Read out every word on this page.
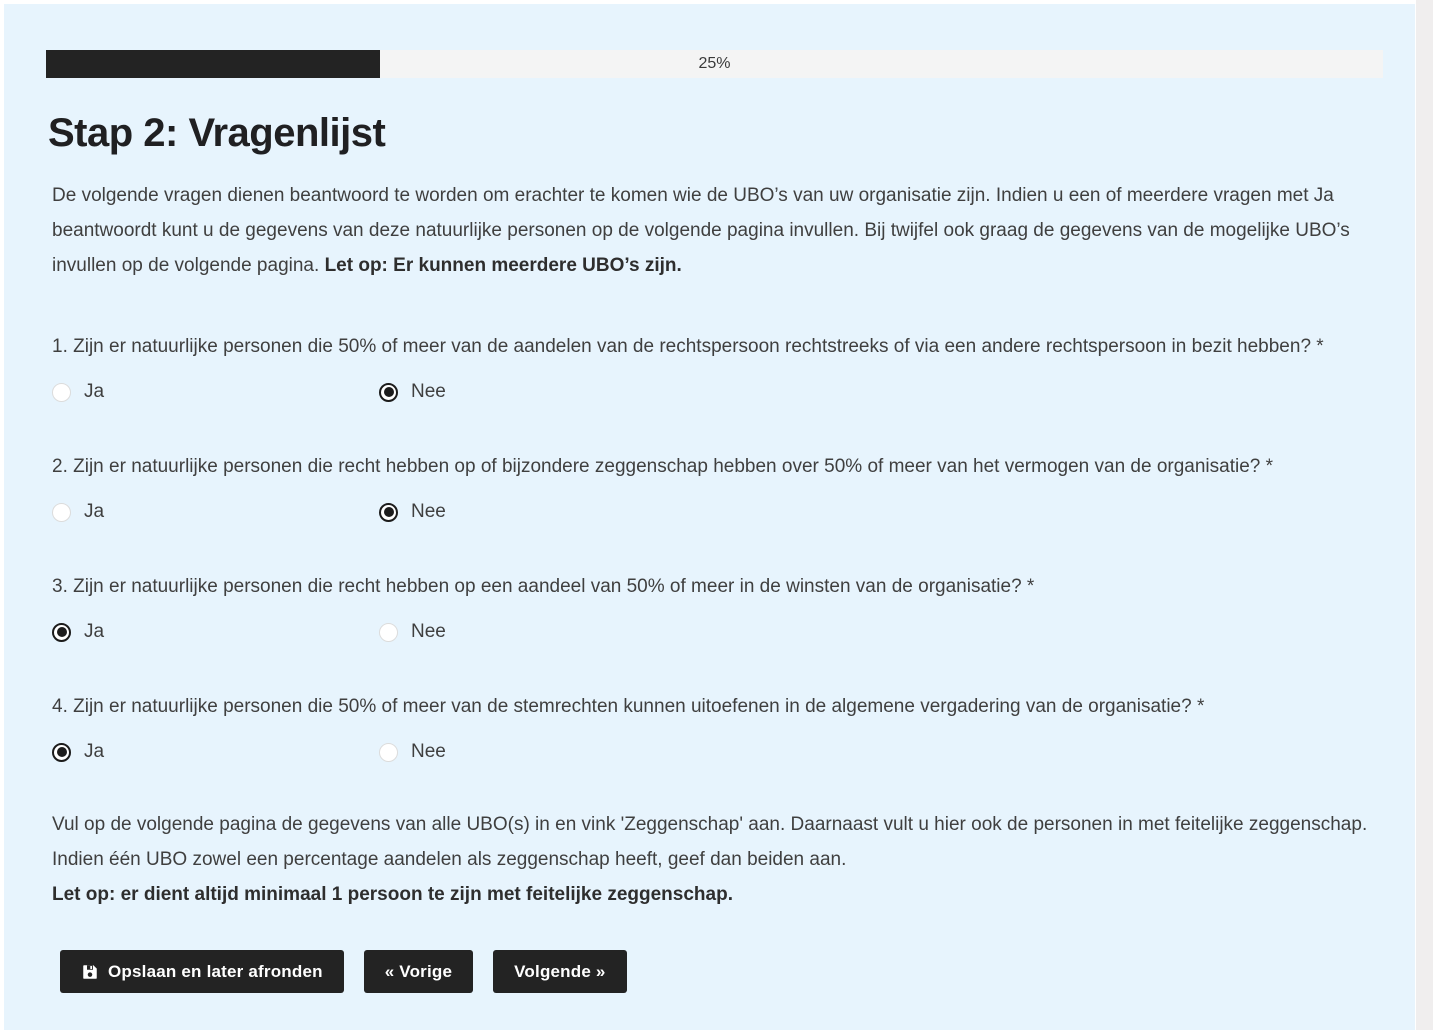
25%
Stap 2: Vragenlijst

De volgende vragen dienen beantwoord te worden om erachter te komen wie de UBO’s van uw organisatie zijn. Indien u een of meerdere vragen met Ja beantwoordt kunt u de gegevens van deze natuurlijke personen op de volgende pagina invullen. Bij twijfel ook graag de gegevens van de mogelijke UBO’s invullen op de volgende pagina. Let op: Er kunnen meerdere UBO’s zijn.

1. Zijn er natuurlijke personen die 50% of meer van de aandelen van de rechtspersoon rechtstreeks of via een andere rechtspersoon in bezit hebben? *

Ja	Nee

2. Zijn er natuurlijke personen die recht hebben op of bijzondere zeggenschap hebben over 50% of meer van het vermogen van de organisatie? *

Ja	Nee

3. Zijn er natuurlijke personen die recht hebben op een aandeel van 50% of meer in de winsten van de organisatie? *

Ja	Nee

4. Zijn er natuurlijke personen die 50% of meer van de stemrechten kunnen uitoefenen in de algemene vergadering van de organisatie? *

Ja	Nee

Vul op de volgende pagina de gegevens van alle UBO(s) in en vink 'Zeggenschap' aan. Daarnaast vult u hier ook de personen in met feitelijke zeggenschap. Indien één UBO zowel een percentage aandelen als zeggenschap heeft, geef dan beiden aan.

Let op: er dient altijd minimaal 1 persoon te zijn met feitelijke zeggenschap.

Opslaan en later afronden	« Vorige	Volgende »
